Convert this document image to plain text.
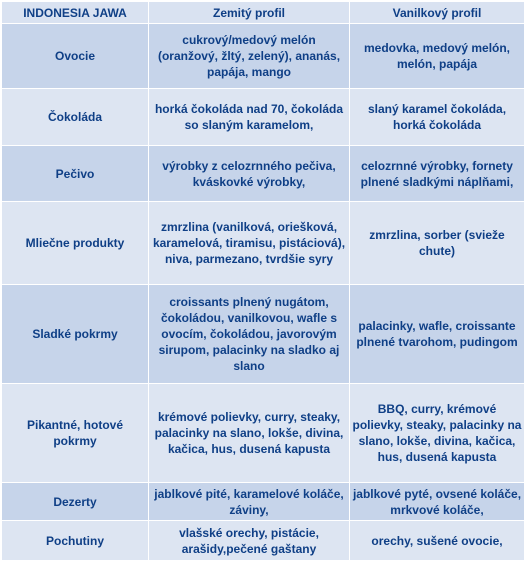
INDONESIA JAWA	Zemitý profil	Vanilkový profil
Ovocie	cukrový/medový melón (oranžový, žltý, zelený), ananás, papája, mango	medovka, medový melón, melón, papája
Čokoláda	horká čokoláda nad 70, čokoláda so slaným karamelom,	slaný karamel čokoláda, horká čokoláda
Pečivo	výrobky z celozrnného pečiva, kváskovké výrobky,	celozrnné výrobky, fornety plnené sladkými náplňami,
Mliečne produkty	zmrzlina (vanilková, oriešková, karamelová, tiramisu, pistáciová), niva, parmezano, tvrdšie syry	zmrzlina, sorber (svieže chute)
Sladké pokrmy	croissants plnený nugátom, čokoládou, vanilkovou, wafle s ovocím, čokoládou, javorovým sirupom, palacinky na sladko aj slano	palacinky, wafle, croissante plnené tvarohom, pudingom
Pikantné, hotové pokrmy	krémové polievky, curry, steaky, palacinky na slano, lokše, divina, kačica, hus, dusená kapusta	BBQ, curry, krémové polievky, steaky, palacinky na slano, lokše, divina, kačica, hus, dusená kapusta
Dezerty	jablkové pité, karamelové koláče, záviny,	jablkové pyté, ovsené koláče, mrkvové koláče,
Pochutiny	vlašské orechy, pistácie, arašidy,pečené gaštany	orechy, sušené ovocie,
